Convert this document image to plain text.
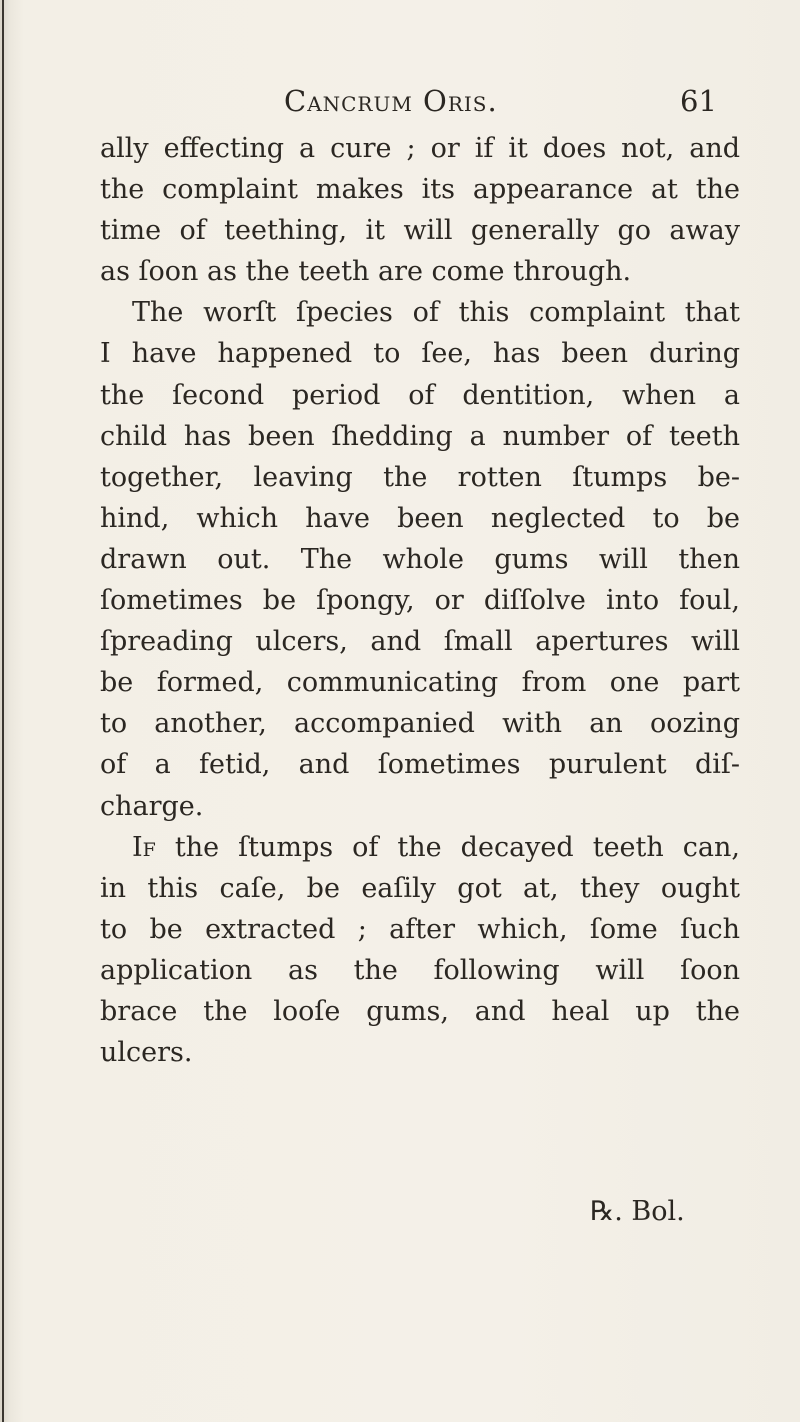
Cancrum Oris.	61
ally effecting a cure ; or if it does not, and
the complaint makes its appearance at the
time of teething, it will generally go away
as ſoon as the teeth are come through.
The worſt ſpecies of this complaint that
I have happened to ſee, has been during
the ſecond period of dentition, when a
child has been ſhedding a number of teeth
together, leaving the rotten ſtumps be-
hind, which have been neglected to be
drawn out. The whole gums will then
ſometimes be ſpongy, or diſſolve into foul,
ſpreading ulcers, and ſmall apertures will
be formed, communicating from one part
to another, accompanied with an oozing
of a fetid, and ſometimes purulent diſ-
charge.
If the ſtumps of the decayed teeth can,
in this caſe, be eaſily got at, they ought
to be extracted ; after which, ſome ſuch
application as the following will ſoon
brace the looſe gums, and heal up the
ulcers.
℞. Bol.
